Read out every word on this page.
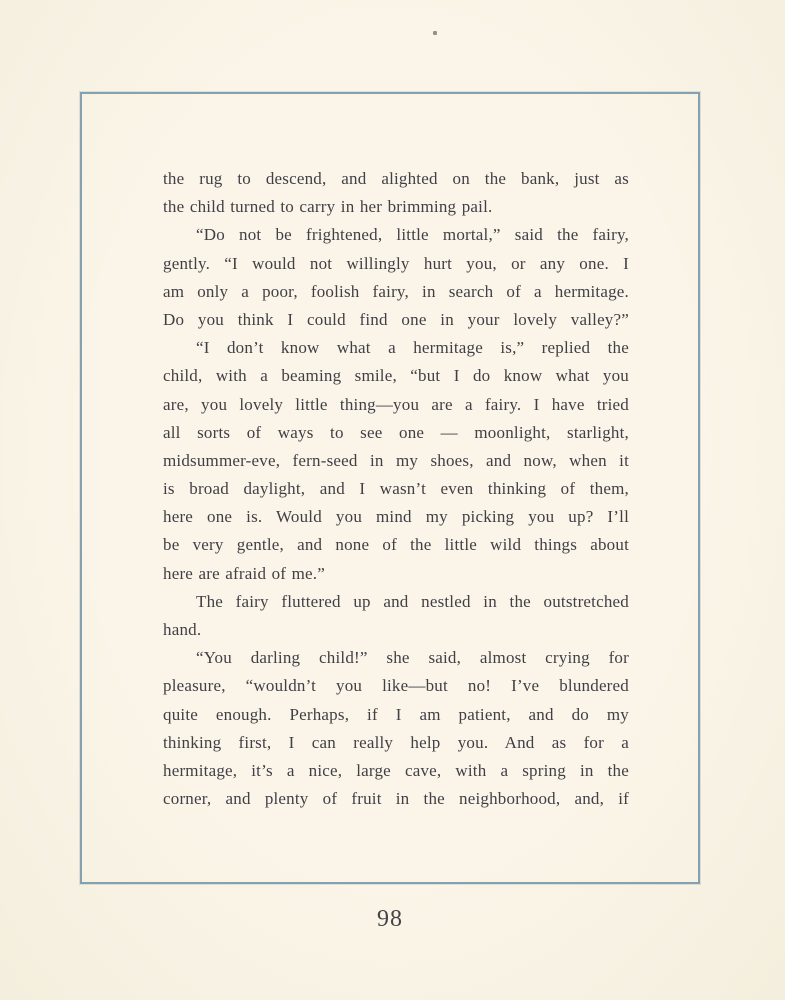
the rug to descend, and alighted on the bank, just as
the child turned to carry in her brimming pail.
“Do not be frightened, little mortal,” said the fairy,
gently. “I would not willingly hurt you, or any one. I
am only a poor, foolish fairy, in search of a hermitage.
Do you think I could find one in your lovely valley?”
“I don’t know what a hermitage is,” replied the
child, with a beaming smile, “but I do know what you
are, you lovely little thing—you are a fairy. I have tried
all sorts of ways to see one — moonlight, starlight,
midsummer-eve, fern-seed in my shoes, and now, when it
is broad daylight, and I wasn’t even thinking of them,
here one is. Would you mind my picking you up? I’ll
be very gentle, and none of the little wild things about
here are afraid of me.”
The fairy fluttered up and nestled in the outstretched
hand.
“You darling child!” she said, almost crying for
pleasure, “wouldn’t you like—but no! I’ve blundered
quite enough. Perhaps, if I am patient, and do my
thinking first, I can really help you. And as for a
hermitage, it’s a nice, large cave, with a spring in the
corner, and plenty of fruit in the neighborhood, and, if
98
